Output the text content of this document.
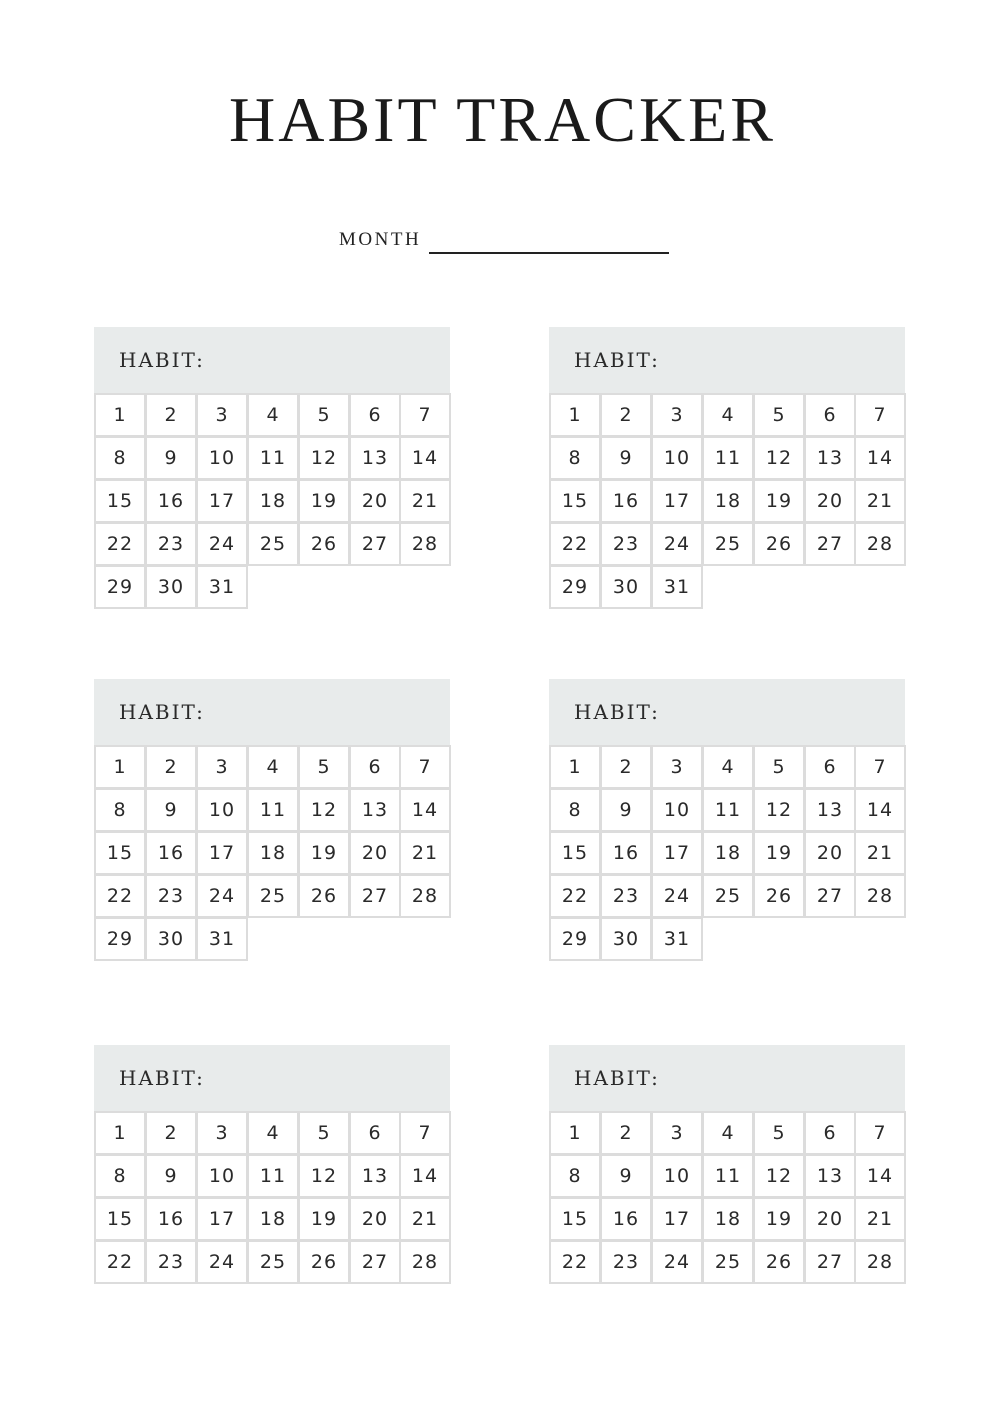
HABIT TRACKER
MONTH
HABIT:
1	2	3	4	5	6	7
8	9	10	11	12	13	14
15	16	17	18	19	20	21
22	23	24	25	26	27	28
29	30	31
HABIT:
1	2	3	4	5	6	7
8	9	10	11	12	13	14
15	16	17	18	19	20	21
22	23	24	25	26	27	28
29	30	31
HABIT:
1	2	3	4	5	6	7
8	9	10	11	12	13	14
15	16	17	18	19	20	21
22	23	24	25	26	27	28
29	30	31
HABIT:
1	2	3	4	5	6	7
8	9	10	11	12	13	14
15	16	17	18	19	20	21
22	23	24	25	26	27	28
29	30	31
HABIT:
1	2	3	4	5	6	7
8	9	10	11	12	13	14
15	16	17	18	19	20	21
22	23	24	25	26	27	28
HABIT:
1	2	3	4	5	6	7
8	9	10	11	12	13	14
15	16	17	18	19	20	21
22	23	24	25	26	27	28
